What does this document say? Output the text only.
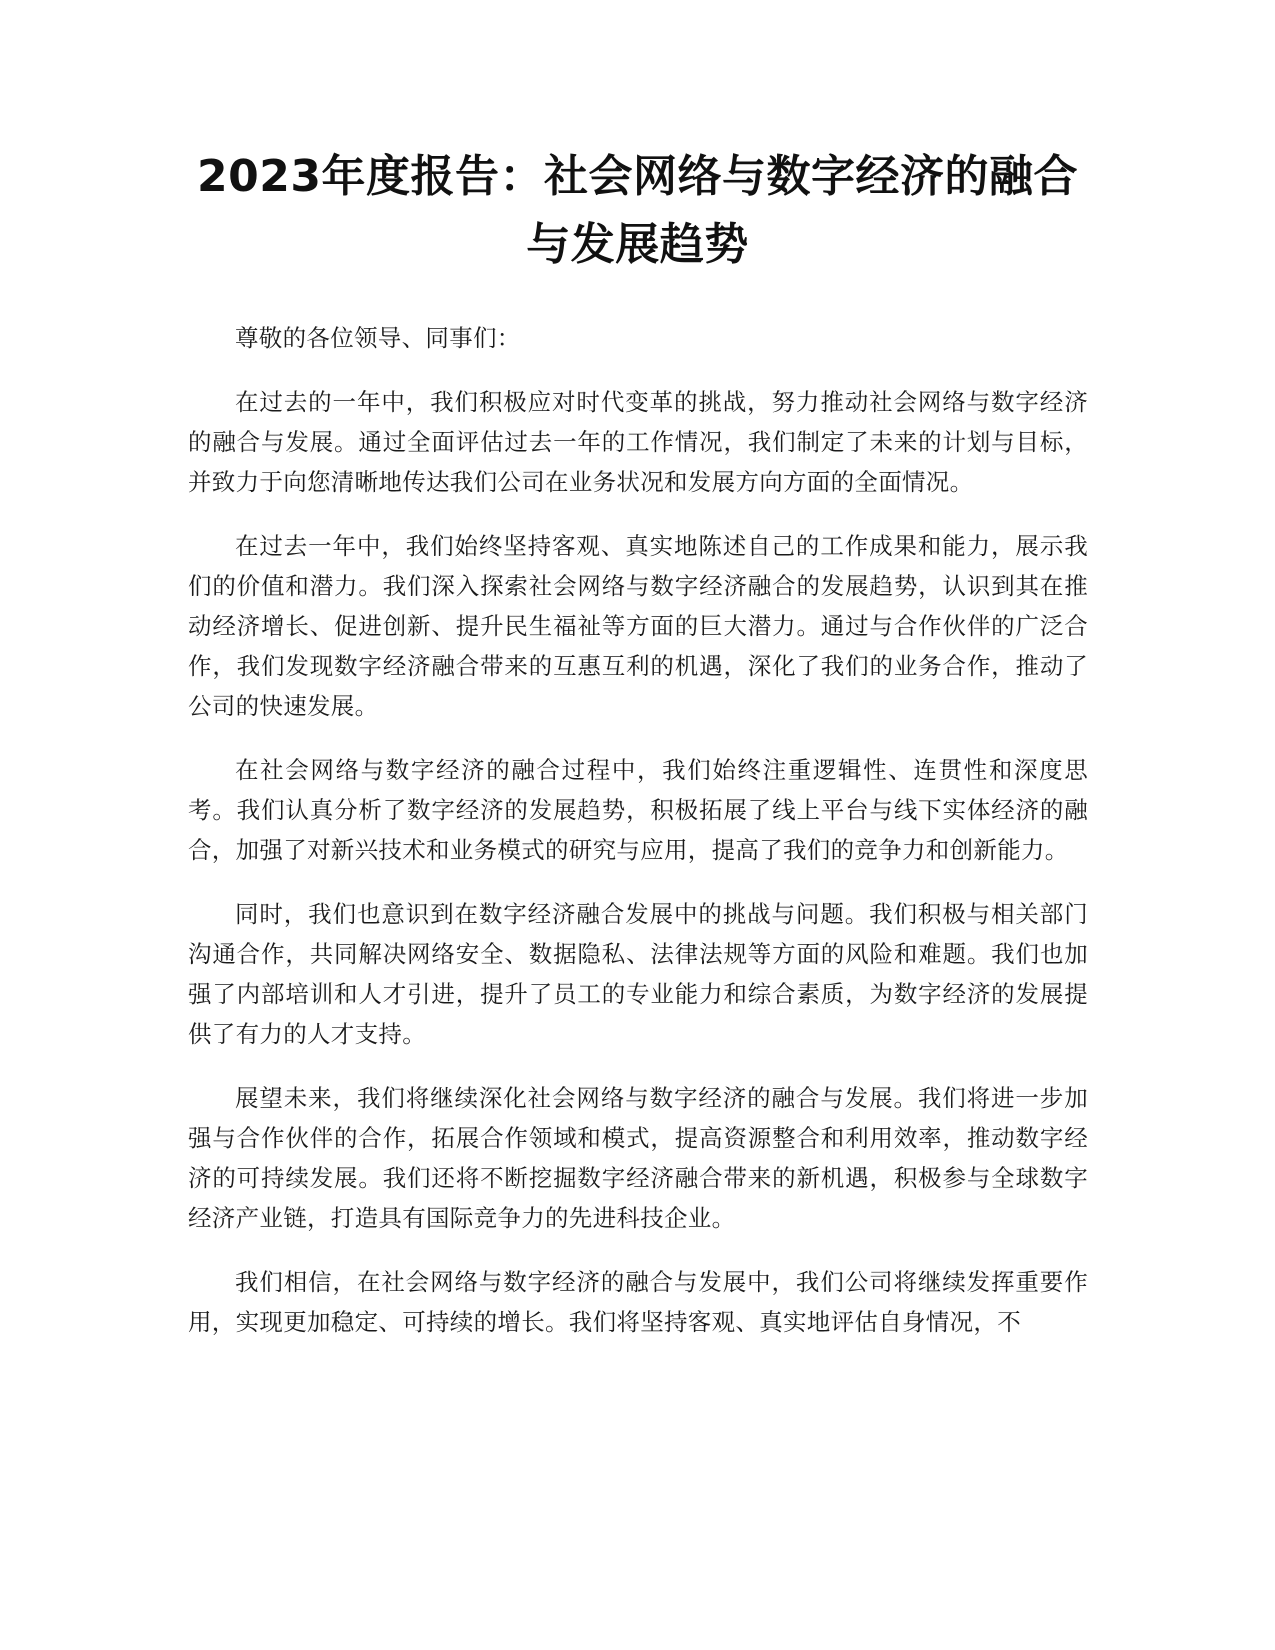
2023年度报告：社会网络与数字经济的融合
与发展趋势

尊敬的各位领导、同事们：

在过去的一年中，我们积极应对时代变革的挑战，努力推动社会网络与数字经济的融合与发展。通过全面评估过去一年的工作情况，我们制定了未来的计划与目标，并致力于向您清晰地传达我们公司在业务状况和发展方向方面的全面情况。

在过去一年中，我们始终坚持客观、真实地陈述自己的工作成果和能力，展示我们的价值和潜力。我们深入探索社会网络与数字经济融合的发展趋势，认识到其在推动经济增长、促进创新、提升民生福祉等方面的巨大潜力。通过与合作伙伴的广泛合作，我们发现数字经济融合带来的互惠互利的机遇，深化了我们的业务合作，推动了公司的快速发展。

在社会网络与数字经济的融合过程中，我们始终注重逻辑性、连贯性和深度思考。我们认真分析了数字经济的发展趋势，积极拓展了线上平台与线下实体经济的融合，加强了对新兴技术和业务模式的研究与应用，提高了我们的竞争力和创新能力。

同时，我们也意识到在数字经济融合发展中的挑战与问题。我们积极与相关部门沟通合作，共同解决网络安全、数据隐私、法律法规等方面的风险和难题。我们也加强了内部培训和人才引进，提升了员工的专业能力和综合素质，为数字经济的发展提供了有力的人才支持。

展望未来，我们将继续深化社会网络与数字经济的融合与发展。我们将进一步加强与合作伙伴的合作，拓展合作领域和模式，提高资源整合和利用效率，推动数字经济的可持续发展。我们还将不断挖掘数字经济融合带来的新机遇，积极参与全球数字经济产业链，打造具有国际竞争力的先进科技企业。

我们相信，在社会网络与数字经济的融合与发展中，我们公司将继续发挥重要作用，实现更加稳定、可持续的增长。我们将坚持客观、真实地评估自身情况，不
